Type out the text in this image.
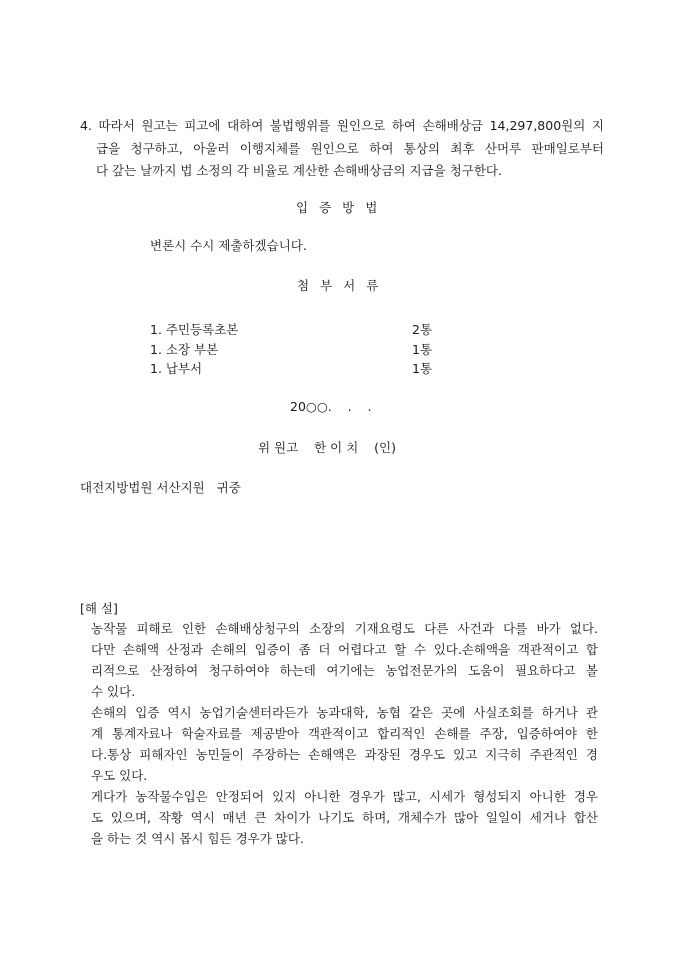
4. 따라서 원고는 피고에 대하여 불법행위를 원인으로 하여 손해배상금 14,297,800원의 지
급을 청구하고, 아울러 이행지체를 원인으로 하여 통상의 최후 산머루 판매일로부터
다 갚는 날까지 법 소정의 각 비율로 계산한 손해배상금의 지급을 청구한다.
입증방법
변론시 수시 제출하겠습니다.
첨부서류
1. 주민등록초본	2통
1. 소장 부본	1통
1. 납부서	1통
20○○.    .    .
위 원고    한 이 치    (인)
대전지방법원 서산지원   귀중
[해 설]
농작물 피해로 인한 손해배상청구의 소장의 기재요령도 다른 사건과 다를 바가 없다.
다만 손해액 산정과 손해의 입증이 좀 더 어렵다고 할 수 있다.손해액을 객관적이고 합
리적으로 산정하여 청구하여야 하는데 여기에는 농업전문가의 도움이 필요하다고 볼
수 있다.
손해의 입증 역시 농업기술센터라든가 농과대학, 농협 같은 곳에 사실조회를 하거나 관
계 통계자료나 학술자료를 제공받아 객관적이고 합리적인 손해를 주장, 입증하여야 한
다.통상 피해자인 농민들이 주장하는 손해액은 과장된 경우도 있고 지극히 주관적인 경
우도 있다.
게다가 농작물수입은 안정되어 있지 아니한 경우가 많고, 시세가 형성되지 아니한 경우
도 있으며, 작황 역시 매년 큰 차이가 나기도 하며, 개체수가 많아 일일이 세거나 합산
을 하는 것 역시 몹시 힘든 경우가 많다.
